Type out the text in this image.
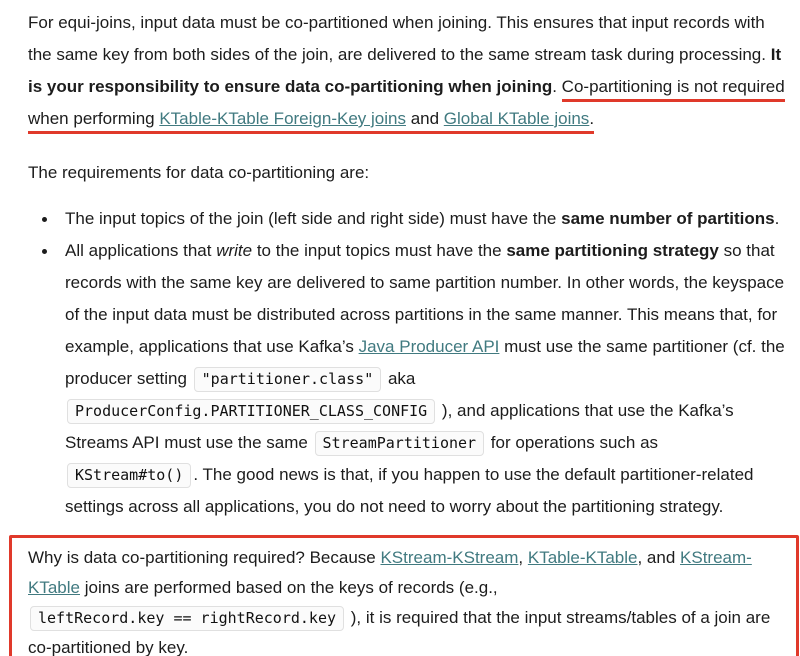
For equi-joins, input data must be co-partitioned when joining. This ensures that input records with the same key from both sides of the join, are delivered to the same stream task during processing. It is your responsibility to ensure data co-partitioning when joining. Co-partitioning is not required when performing KTable-KTable Foreign-Key joins and Global KTable joins.

The requirements for data co-partitioning are:

The input topics of the join (left side and right side) must have the same number of partitions.
All applications that write to the input topics must have the same partitioning strategy so that records with the same key are delivered to same partition number. In other words, the keyspace of the input data must be distributed across partitions in the same manner. This means that, for example, applications that use Kafka’s Java Producer API must use the same partitioner (cf. the producer setting "partitioner.class" aka ProducerConfig.PARTITIONER_CLASS_CONFIG ), and applications that use the Kafka’s Streams API must use the same StreamPartitioner for operations such as KStream#to() . The good news is that, if you happen to use the default partitioner-related settings across all applications, you do not need to worry about the partitioning strategy.

Why is data co-partitioning required? Because KStream-KStream, KTable-KTable, and KStream-KTable joins are performed based on the keys of records (e.g., leftRecord.key == rightRecord.key ), it is required that the input streams/tables of a join are co-partitioned by key.
